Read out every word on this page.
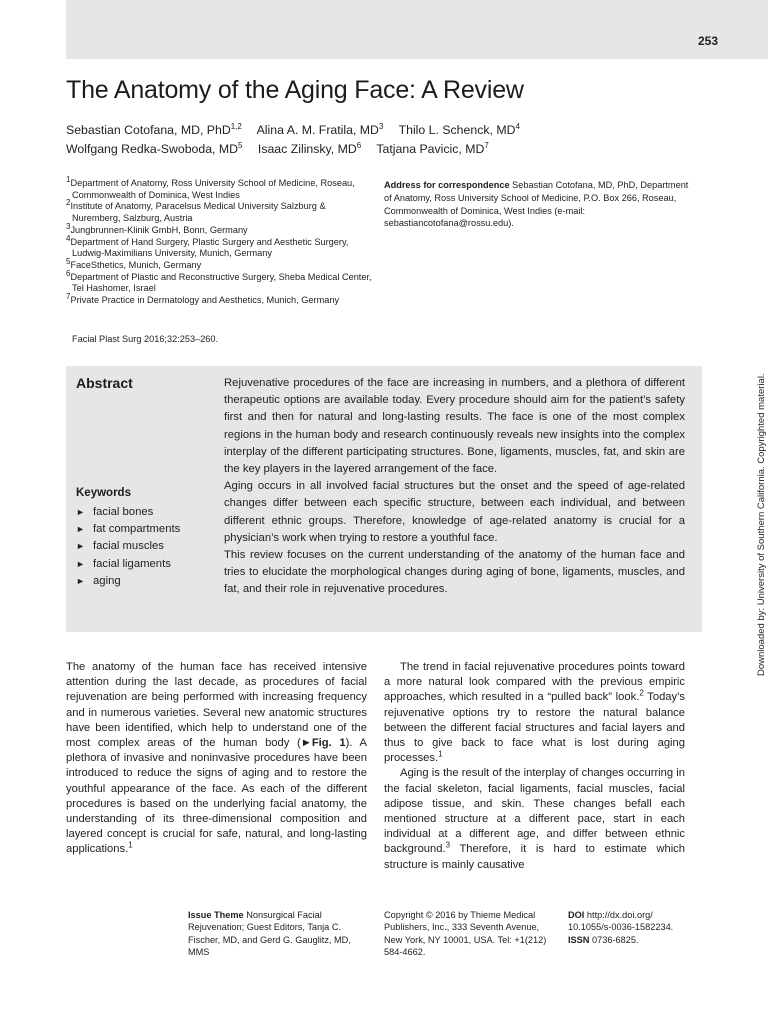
253
The Anatomy of the Aging Face: A Review
Sebastian Cotofana, MD, PhD$^{1,2}$ Alina A. M. Fratila, $MD^3$ Thilo L. Schenck, $MD^4$
Wolfgang Redka-Swoboda, $MD^5$ Isaac Zilinsky, $MD^6$ Tatjana Pavicic, $MD^7$
$^1$Department of Anatomy, Ross University School of Medicine, Roseau, Commonwealth of Dominica, West Indies
$^2$Institute of Anatomy, Paracelsus Medical University Salzburg & Nuremberg, Salzburg, Austria
$^3$Jungbrunnen-Klinik GmbH, Bonn, Germany
$^4$Department of Hand Surgery, Plastic Surgery and Aesthetic Surgery, Ludwig-Maximilians University, Munich, Germany
$^5$FaceSthetics, Munich, Germany
$^6$Department of Plastic and Reconstructive Surgery, Sheba Medical Center, Tel Hashomer, Israel
$^7$Private Practice in Dermatology and Aesthetics, Munich, Germany
Address for correspondence Sebastian Cotofana, MD, PhD, Department of Anatomy, Ross University School of Medicine, P.O. Box 266, Roseau, Commonwealth of Dominica, West Indies (e-mail: sebastiancotofana@rossu.edu).
Facial Plast Surg 2016;32:253–260.
Abstract
Keywords
► facial bones
► fat compartments
► facial muscles
► facial ligaments
► aging

Rejuvenative procedures of the face are increasing in numbers, and a plethora of different therapeutic options are available today. Every procedure should aim for the patient’s safety first and then for natural and long-lasting results. The face is one of the most complex regions in the human body and research continuously reveals new insights into the complex interplay of the different participating structures. Bone, ligaments, muscles, fat, and skin are the key players in the layered arrangement of the face.

Aging occurs in all involved facial structures but the onset and the speed of age-related changes differ between each specific structure, between each individual, and between different ethnic groups. Therefore, knowledge of age-related anatomy is crucial for a physician’s work when trying to restore a youthful face.

This review focuses on the current understanding of the anatomy of the human face and tries to elucidate the morphological changes during aging of bone, ligaments, muscles, and fat, and their role in rejuvenative procedures.

The anatomy of the human face has received intensive attention during the last decade, as procedures of facial rejuvenation are being performed with increasing frequency and in numerous varieties. Several new anatomic structures have been identified, which help to understand one of the most complex areas of the human body (►Fig. 1). A plethora of invasive and noninvasive procedures have been introduced to reduce the signs of aging and to restore the youthful appearance of the face. As each of the different procedures is based on the underlying facial anatomy, the understanding of its three-dimensional composition and layered concept is crucial for safe, natural, and long-lasting applications.$^1$

The trend in facial rejuvenative procedures points toward a more natural look compared with the previous empiric approaches, which resulted in a “pulled back” look.$^2$ Today’s rejuvenative options try to restore the natural balance between the different facial structures and facial layers and thus to give back to face what is lost during aging processes.$^1$

Aging is the result of the interplay of changes occurring in the facial skeleton, facial ligaments, facial muscles, facial adipose tissue, and skin. These changes befall each mentioned structure at a different pace, start in each individual at a different age, and differ between ethnic background.$^3$ Therefore, it is hard to estimate which structure is mainly causative

Issue Theme Nonsurgical Facial Rejuvenation; Guest Editors, Tanja C. Fischer, MD, and Gerd G. Gauglitz, MD, MMS
Copyright © 2016 by Thieme Medical Publishers, Inc., 333 Seventh Avenue, New York, NY 10001, USA. Tel: +1(212) 584-4662.
DOI http://dx.doi.org/ 10.1055/s-0036-1582234.
ISSN 0736-6825.
Downloaded by: University of Southern California. Copyrighted material.
